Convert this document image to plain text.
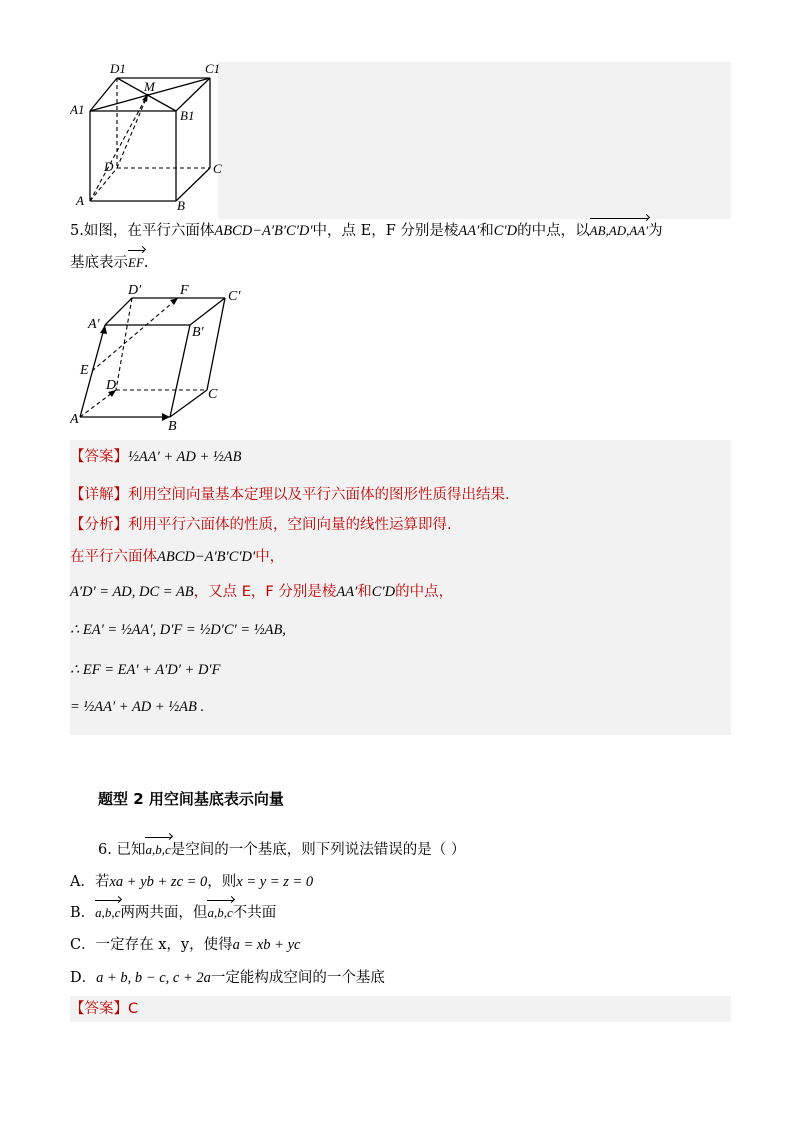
D1	C1
A1	B1
M
D	C
A	B
5.如图，在平行六面体ABCD−A′B′C′D′中，点 E，F 分别是棱AA′和C′D的中点，以AB,AD,AA′为
基底表示EF.
D′	F	C′
A′
B′
E
D
C
A	B
【答案】½AA′ + AD + ½AB
【详解】利用空间向量基本定理以及平行六面体的图形性质得出结果.
【分析】利用平行六面体的性质，空间向量的线性运算即得.
在平行六面体ABCD−A′B′C′D′中，
A′D′ = AD, DC = AB，又点 E，F 分别是棱AA′和C′D的中点，
∴ EA′ = ½AA′, D′F = ½D′C′ = ½AB,
∴ EF = EA′ + A′D′ + D′F
= ½AA′ + AD + ½AB .
题型 2 用空间基底表示向量
6. 已知a,b,c是空间的一个基底，则下列说法错误的是（ ）
A．若xa + yb + zc = 0，则x = y = z = 0
B．a,b,c两两共面，但a,b,c不共面
C．一定存在 x，y，使得a = xb + yc
D．a + b, b − c, c + 2a一定能构成空间的一个基底
【答案】C
